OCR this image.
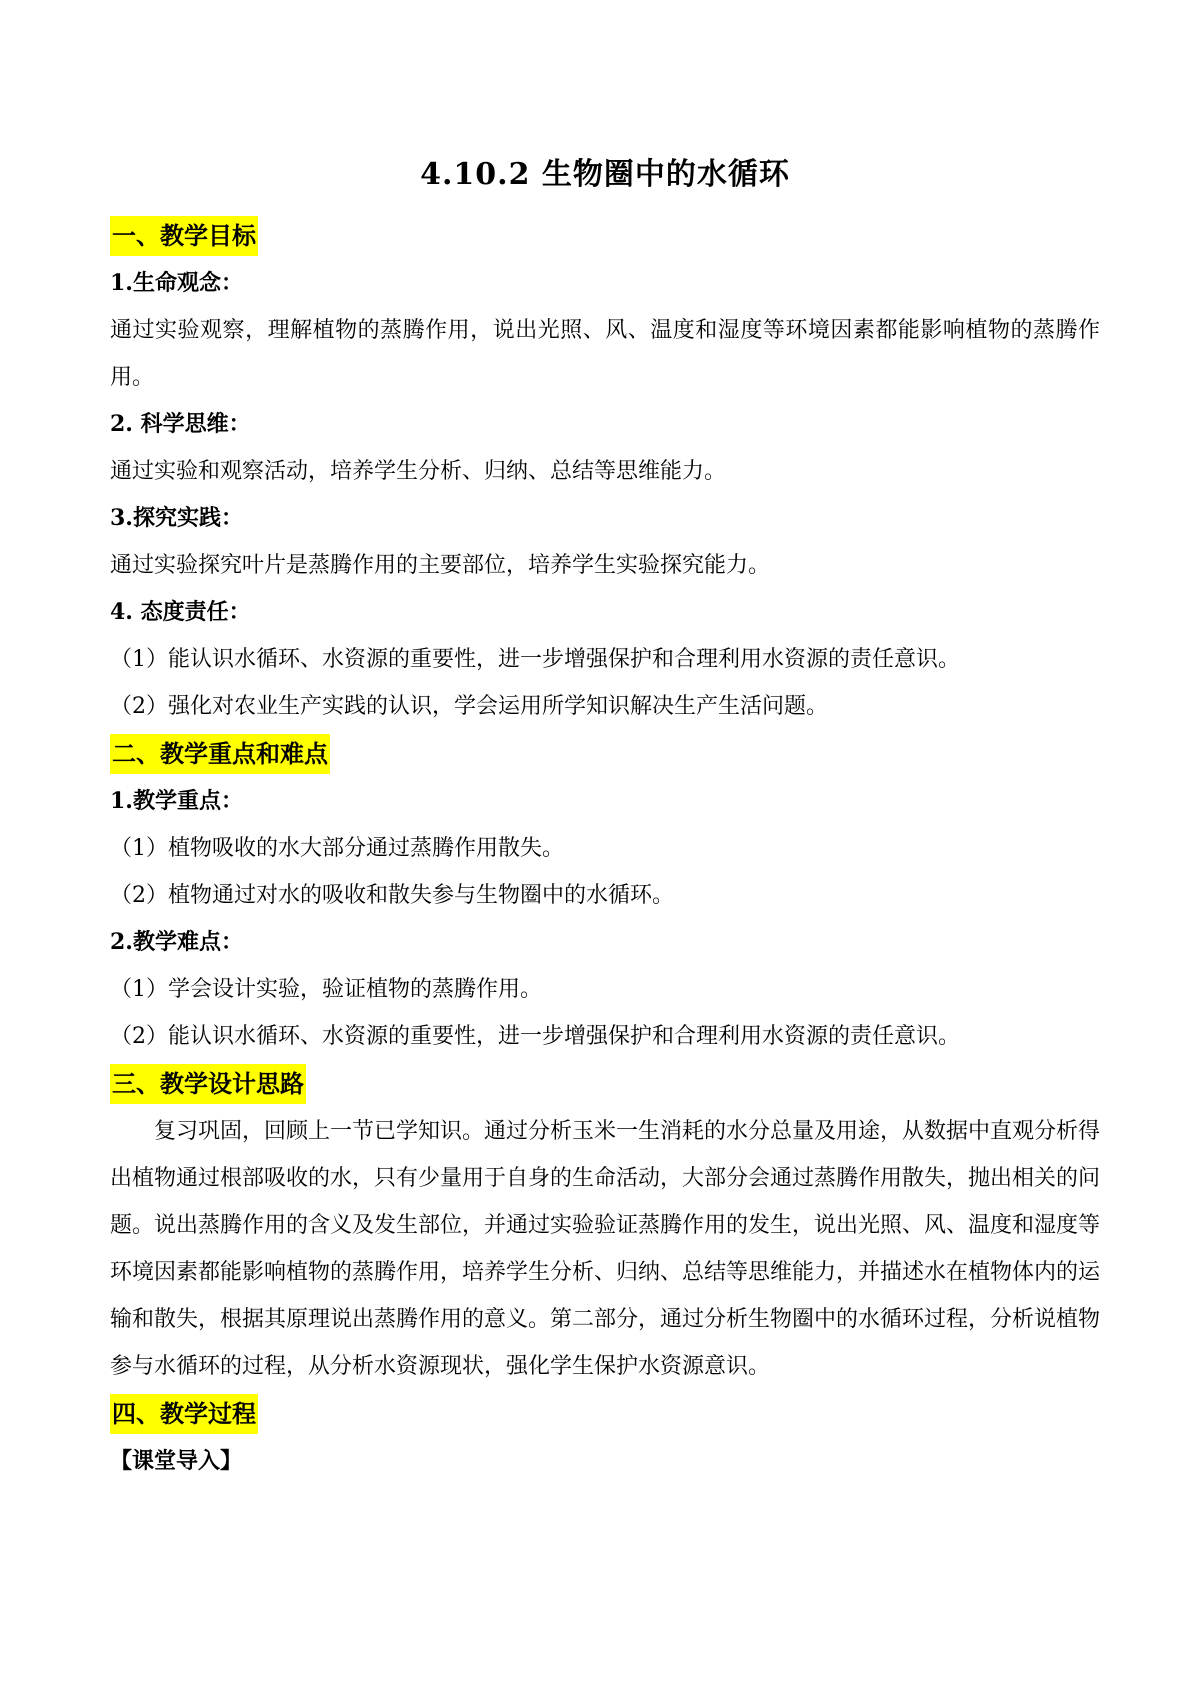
4.10.2 生物圈中的水循环
一、教学目标

1.生命观念：

通过实验观察，理解植物的蒸腾作用，说出光照、风、温度和湿度等环境因素都能影响植物的蒸腾作用。

2. 科学思维：

通过实验和观察活动，培养学生分析、归纳、总结等思维能力。

3.探究实践：

通过实验探究叶片是蒸腾作用的主要部位，培养学生实验探究能力。

4. 态度责任：

（1）能认识水循环、水资源的重要性，进一步增强保护和合理利用水资源的责任意识。

（2）强化对农业生产实践的认识，学会运用所学知识解决生产生活问题。

二、教学重点和难点

1.教学重点：

（1）植物吸收的水大部分通过蒸腾作用散失。

（2）植物通过对水的吸收和散失参与生物圈中的水循环。

2.教学难点：

（1）学会设计实验，验证植物的蒸腾作用。

（2）能认识水循环、水资源的重要性，进一步增强保护和合理利用水资源的责任意识。

三、教学设计思路

复习巩固，回顾上一节已学知识。通过分析玉米一生消耗的水分总量及用途，从数据中直观分析得出植物通过根部吸收的水，只有少量用于自身的生命活动，大部分会通过蒸腾作用散失，抛出相关的问题。说出蒸腾作用的含义及发生部位，并通过实验验证蒸腾作用的发生，说出光照、风、温度和湿度等环境因素都能影响植物的蒸腾作用，培养学生分析、归纳、总结等思维能力，并描述水在植物体内的运输和散失，根据其原理说出蒸腾作用的意义。第二部分，通过分析生物圈中的水循环过程，分析说植物参与水循环的过程，从分析水资源现状，强化学生保护水资源意识。

四、教学过程

【课堂导入】
